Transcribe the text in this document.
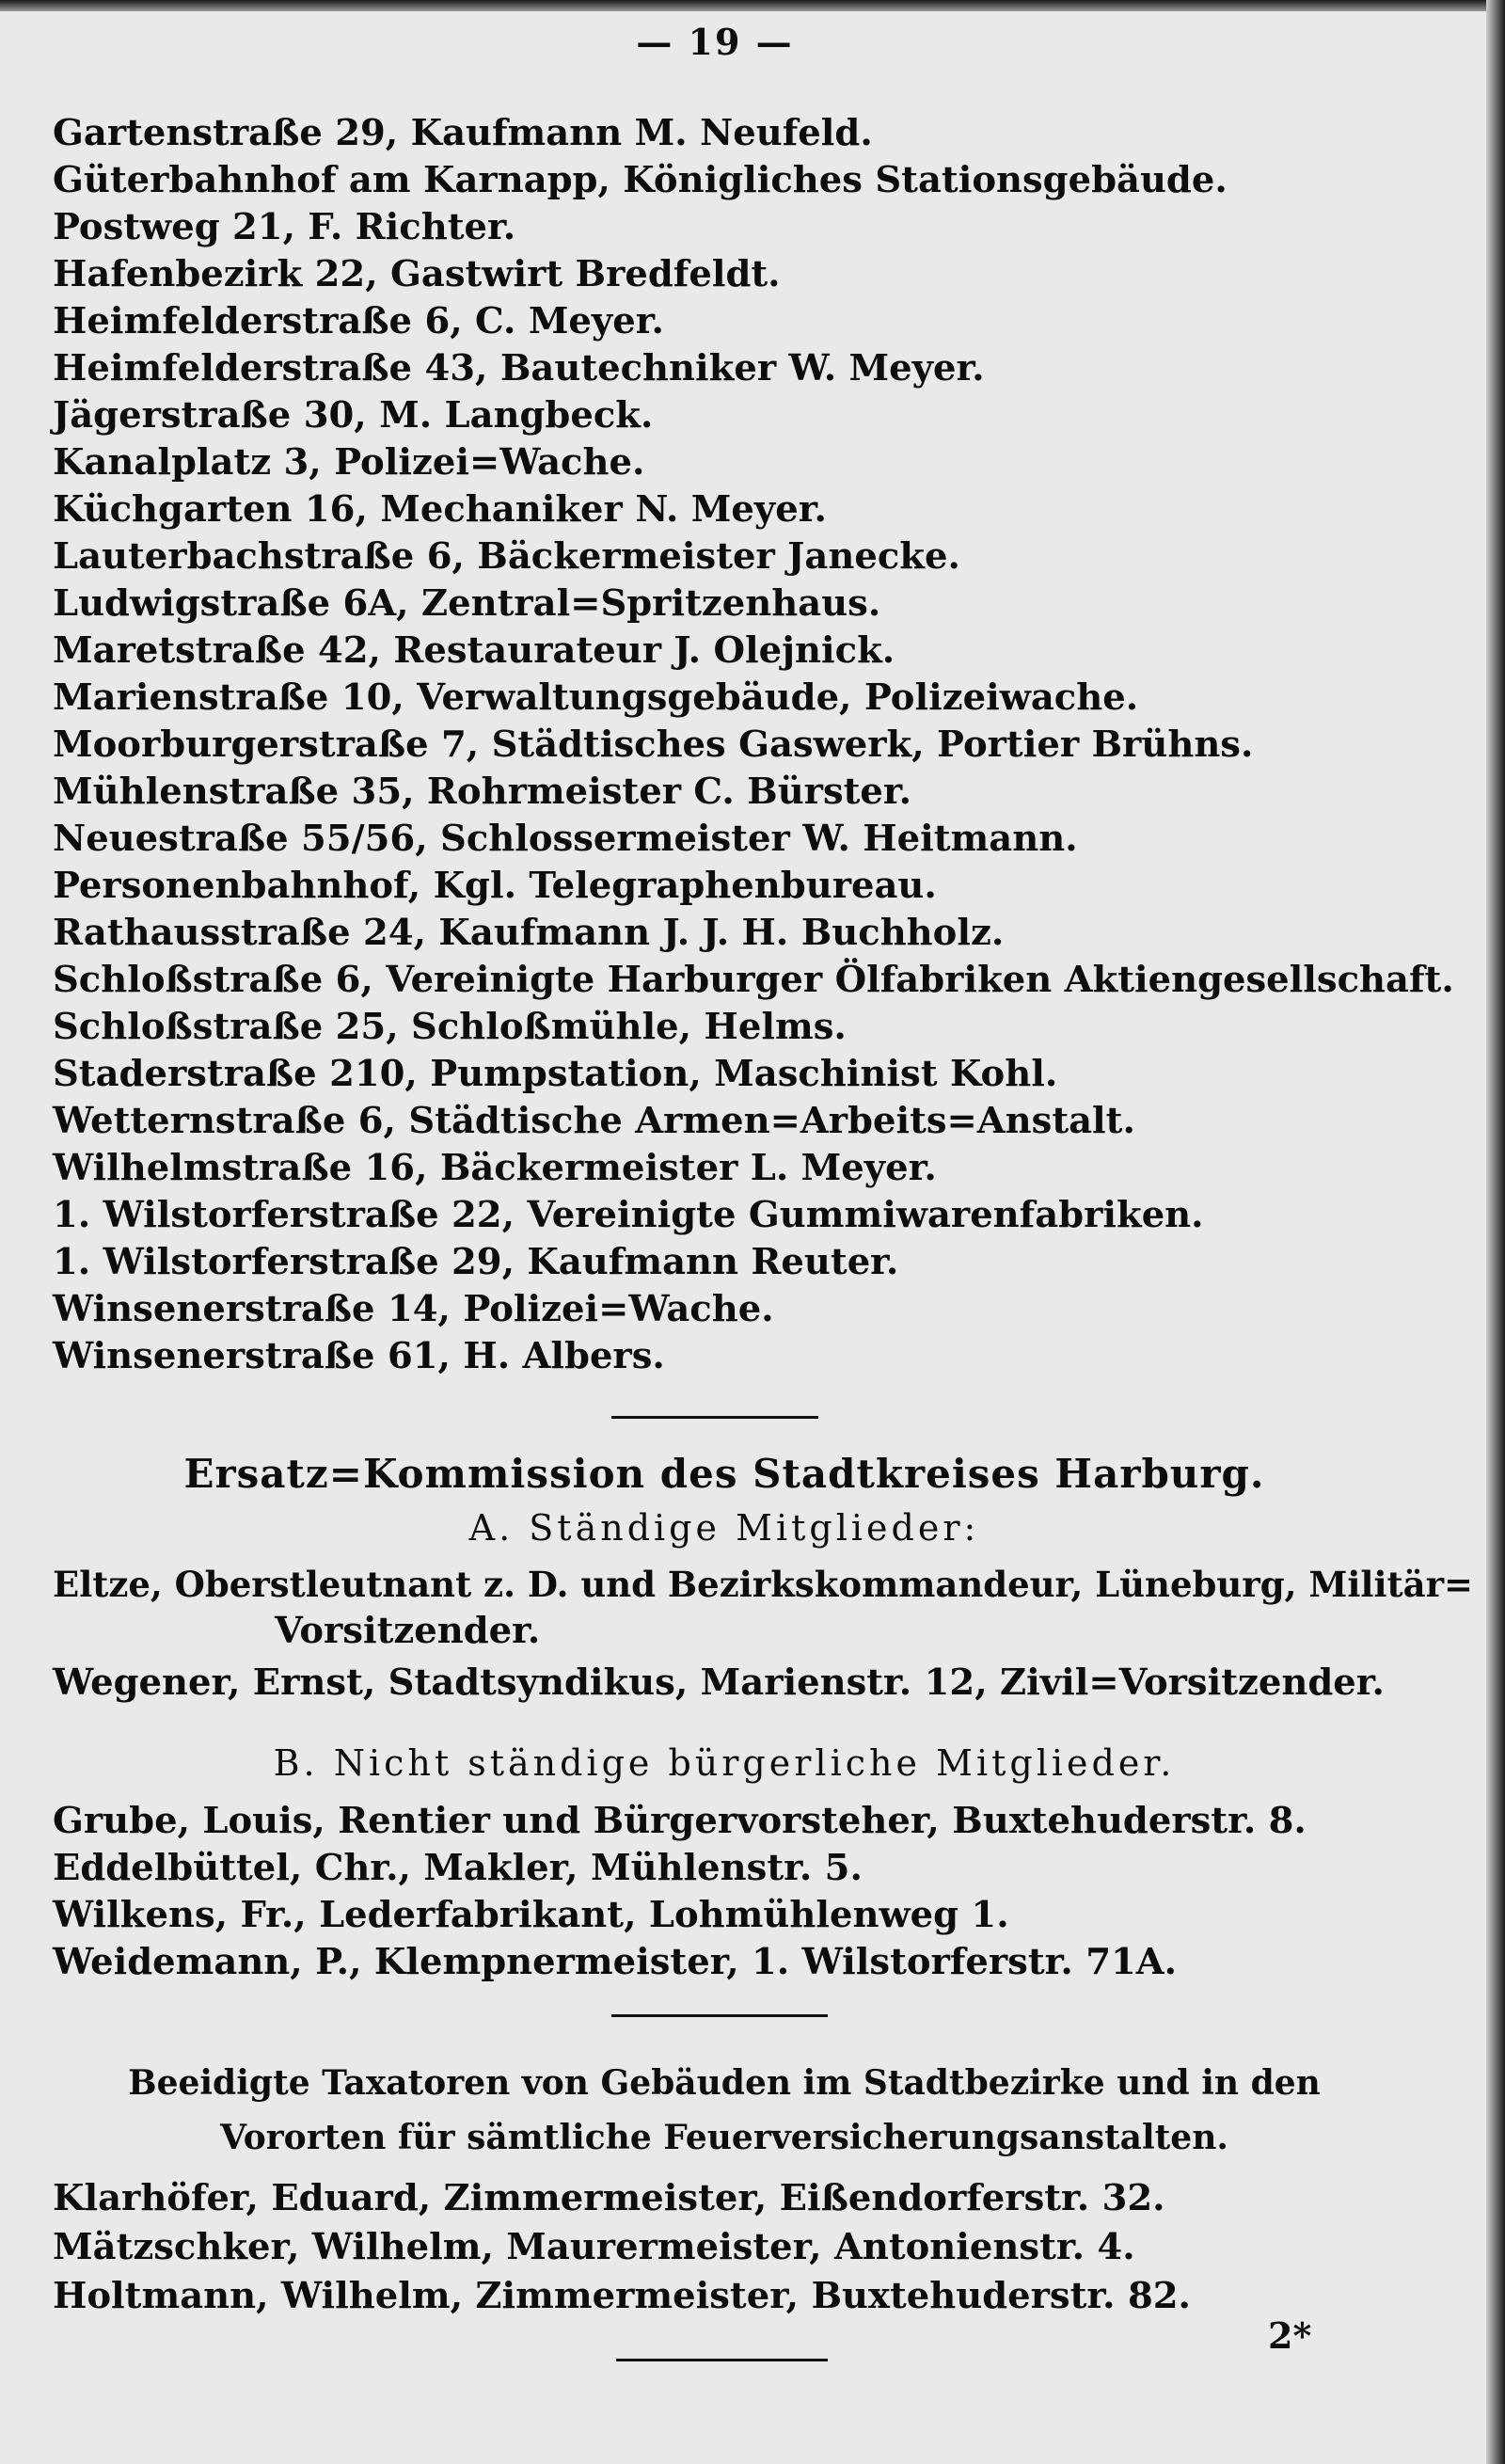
— 19 —
Gartenstraße 29, Kaufmann M. Neufeld.
Güterbahnhof am Karnapp, Königliches Stationsgebäude.
Postweg 21, F. Richter.
Hafenbezirk 22, Gastwirt Bredfeldt.
Heimfelderstraße 6, C. Meyer.
Heimfelderstraße 43, Bautechniker W. Meyer.
Jägerstraße 30, M. Langbeck.
Kanalplatz 3, Polizei=Wache.
Küchgarten 16, Mechaniker N. Meyer.
Lauterbachstraße 6, Bäckermeister Janecke.
Ludwigstraße 6A, Zentral=Spritzenhaus.
Maretstraße 42, Restaurateur J. Olejnick.
Marienstraße 10, Verwaltungsgebäude, Polizeiwache.
Moorburgerstraße 7, Städtisches Gaswerk, Portier Brühns.
Mühlenstraße 35, Rohrmeister C. Bürster.
Neuestraße 55/56, Schlossermeister W. Heitmann.
Personenbahnhof, Kgl. Telegraphenbureau.
Rathausstraße 24, Kaufmann J. J. H. Buchholz.
Schloßstraße 6, Vereinigte Harburger Ölfabriken Aktiengesellschaft.
Schloßstraße 25, Schloßmühle, Helms.
Staderstraße 210, Pumpstation, Maschinist Kohl.
Wetternstraße 6, Städtische Armen=Arbeits=Anstalt.
Wilhelmstraße 16, Bäckermeister L. Meyer.
1. Wilstorferstraße 22, Vereinigte Gummiwarenfabriken.
1. Wilstorferstraße 29, Kaufmann Reuter.
Winsenerstraße 14, Polizei=Wache.
Winsenerstraße 61, H. Albers.
Ersatz=Kommission des Stadtkreises Harburg.
A. Ständige Mitglieder:
Eltze, Oberstleutnant z. D. und Bezirkskommandeur, Lüneburg, Militär=
Vorsitzender.
Wegener, Ernst, Stadtsyndikus, Marienstr. 12, Zivil=Vorsitzender.
B. Nicht ständige bürgerliche Mitglieder.
Grube, Louis, Rentier und Bürgervorsteher, Buxtehuderstr. 8.
Eddelbüttel, Chr., Makler, Mühlenstr. 5.
Wilkens, Fr., Lederfabrikant, Lohmühlenweg 1.
Weidemann, P., Klempnermeister, 1. Wilstorferstr. 71A.
Beeidigte Taxatoren von Gebäuden im Stadtbezirke und in den
Vororten für sämtliche Feuerversicherungsanstalten.
Klarhöfer, Eduard, Zimmermeister, Eißendorferstr. 32.
Mätzschker, Wilhelm, Maurermeister, Antonienstr. 4.
Holtmann, Wilhelm, Zimmermeister, Buxtehuderstr. 82.
2*
